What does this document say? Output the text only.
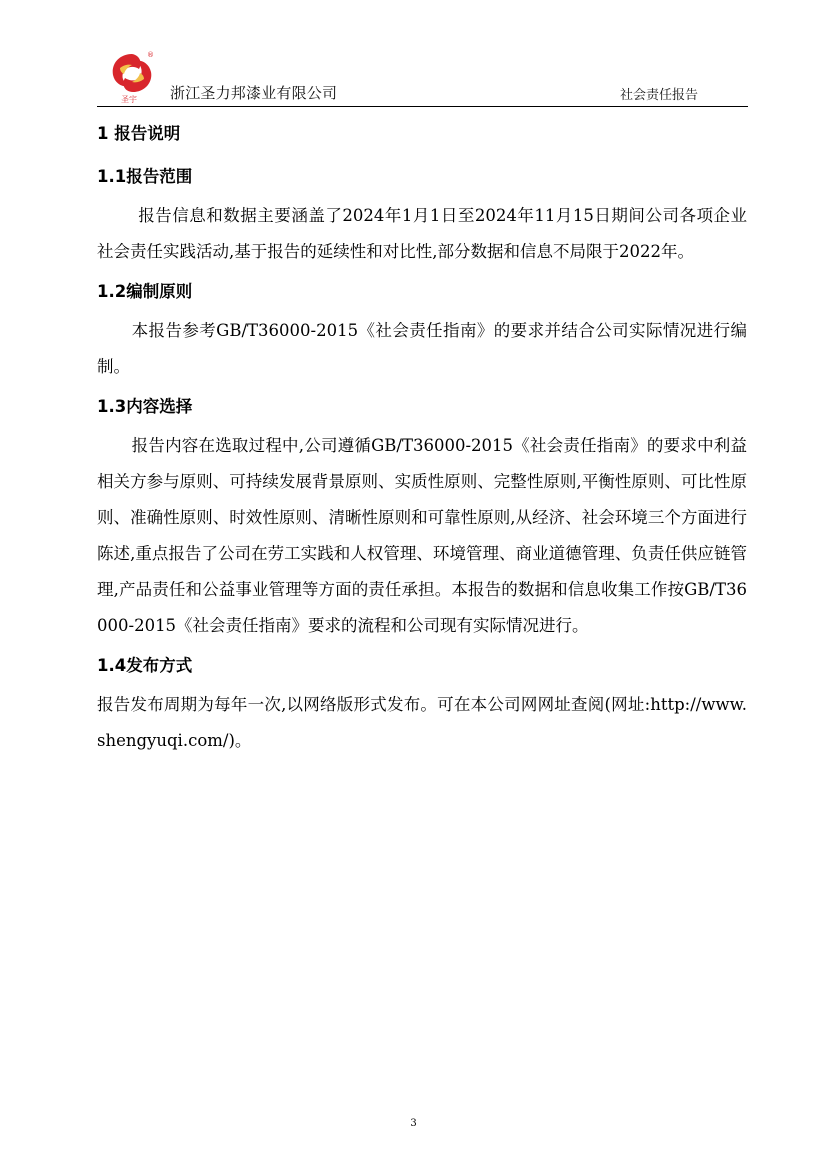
®
圣宇 浙江圣力邦漆业有限公司	社会责任报告
1 报告说明
1.1报告范围

报告信息和数据主要涵盖了2024年1月1日至2024年11月15日期间公司各项企业社会责任实践活动,基于报告的延续性和对比性,部分数据和信息不局限于2022年。

1.2编制原则

本报告参考GB/T36000-2015《社会责任指南》的要求并结合公司实际情况进行编制。

1.3内容选择

报告内容在选取过程中,公司遵循GB/T36000-2015《社会责任指南》的要求中利益相关方参与原则、可持续发展背景原则、实质性原则、完整性原则,平衡性原则、可比性原则、准确性原则、时效性原则、清晰性原则和可靠性原则,从经济、社会环境三个方面进行陈述,重点报告了公司在劳工实践和人权管理、环境管理、商业道德管理、负责任供应链管理,产品责任和公益事业管理等方面的责任承担。本报告的数据和信息收集工作按GB/T36000-2015《社会责任指南》要求的流程和公司现有实际情况进行。

1.4发布方式

报告发布周期为每年一次,以网络版形式发布。可在本公司网网址查阅(网址:http://www.shengyuqi.com/)。

3
